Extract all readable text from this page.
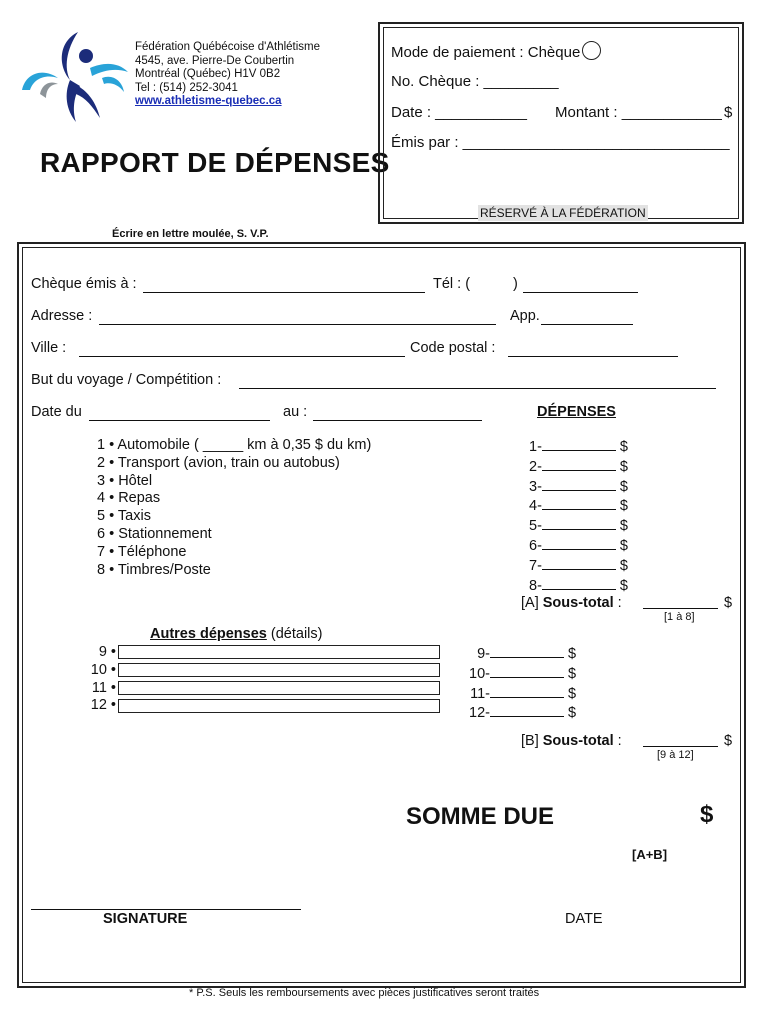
Fédération Québécoise d'Athlétisme
4545, ave. Pierre-De Coubertin
Montréal (Québec) H1V 0B2
Tel : (514) 252-3041
www.athletisme-quebec.ca
RAPPORT DE DÉPENSES
Écrire en lettre moulée, S. V.P.
Mode de paiement : Chèque
No. Chèque : _________
Date : ___________ Montant : ____________ $
Émis par : ________________________________
RÉSERVÉ À LA FÉDÉRATION
Chèque émis à :	Tél : (	)
Adresse :	App.
Ville :	Code postal :
But du voyage / Compétition :
Date du	au :	DÉPENSES
1 • Automobile ( _____ km à 0,35 $ du km)
2 • Transport (avion, train ou autobus)
3 • Hôtel
4 • Repas
5 • Taxis
6 • Stationnement
7 • Téléphone
8 • Timbres/Poste
1-	$
2-	$
3-	$
4-	$
5-	$
6-	$
7-	$
8-	$
[A] Sous-total :	$
[1 à 8]
Autres dépenses (détails)
9 •
10 •
11 •
12 •
9-	$
10-	$
11-	$
12-	$
[B] Sous-total :	$
[9 à 12]
SOMME DUE	$
[A+B]
SIGNATURE	DATE
* P.S. Seuls les remboursements avec pièces justificatives seront traités
